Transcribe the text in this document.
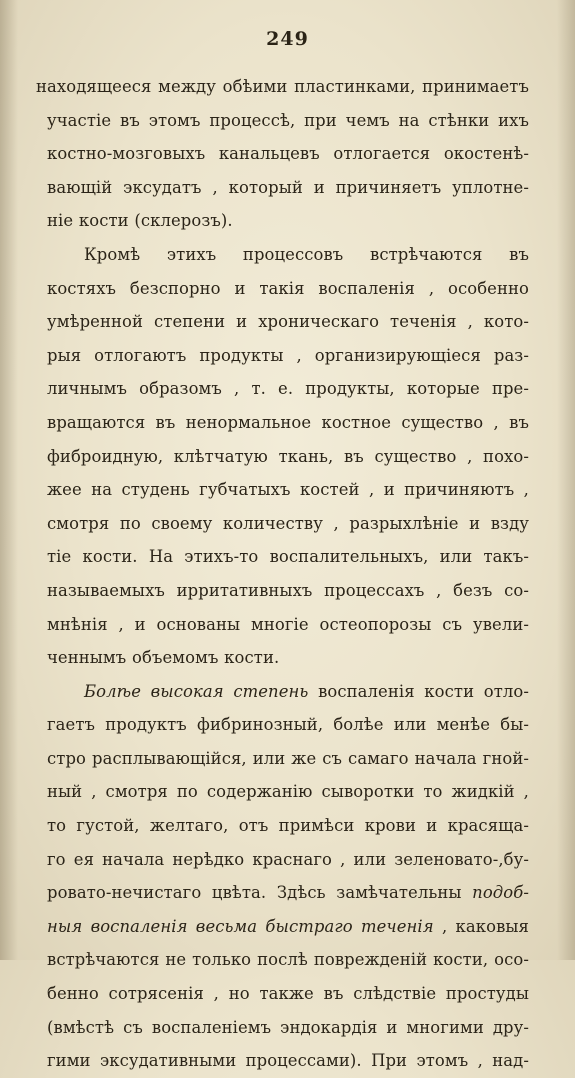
249
находящееся между обѣими пластинками, принимаетъ
участіе въ этомъ процессѣ, при чемъ на стѣнки ихъ
костно-мозговыхъ канальцевъ отлогается окостенѣ-
вающій эксудатъ , который и причиняетъ уплотне-
ніе кости (склерозъ).
Кромѣ этихъ процессовъ встрѣчаются въ
костяхъ безспорно и такія воспаленія , особенно
умѣренной степени и хроническаго теченія , кото-
рыя отлогаютъ продукты , организирующіеся раз-
личнымъ образомъ , т. е. продукты, которые пре-
вращаются въ ненормальное костное существо , въ
фиброидную, клѣтчатую ткань, въ существо , похо-
жее на студень губчатыхъ костей , и причиняютъ ,
смотря по своему количеству , разрыхлѣніе и взду
тіе кости. На этихъ-то воспалительныхъ, или такъ-
называемыхъ ирритативныхъ процессахъ , безъ со-
мнѣнія , и основаны многіе остеопорозы съ увели-
ченнымъ объемомъ кости.
Болѣе высокая степень воспаленія кости отло-
гаетъ продуктъ фибринозный, болѣе или менѣе бы-
стро расплывающійся, или же съ самаго начала гной-
ный , смотря по содержанію сыворотки то жидкій ,
то густой, желтаго, отъ примѣси крови и красяща-
го ея начала нерѣдко краснаго , или зеленовато-,бу-
ровато-нечистаго цвѣта. Здѣсь замѣчательны подоб-
ныя воспаленія весьма быстраго теченія , каковыя
встрѣчаются не только послѣ поврежденій кости, осо-
бенно сотрясенія , но также въ слѣдствіе простуды
(вмѣстѣ съ воспаленіемъ эндокардія и многими дру-
гими эксудативными процессами). При этомъ , над-
